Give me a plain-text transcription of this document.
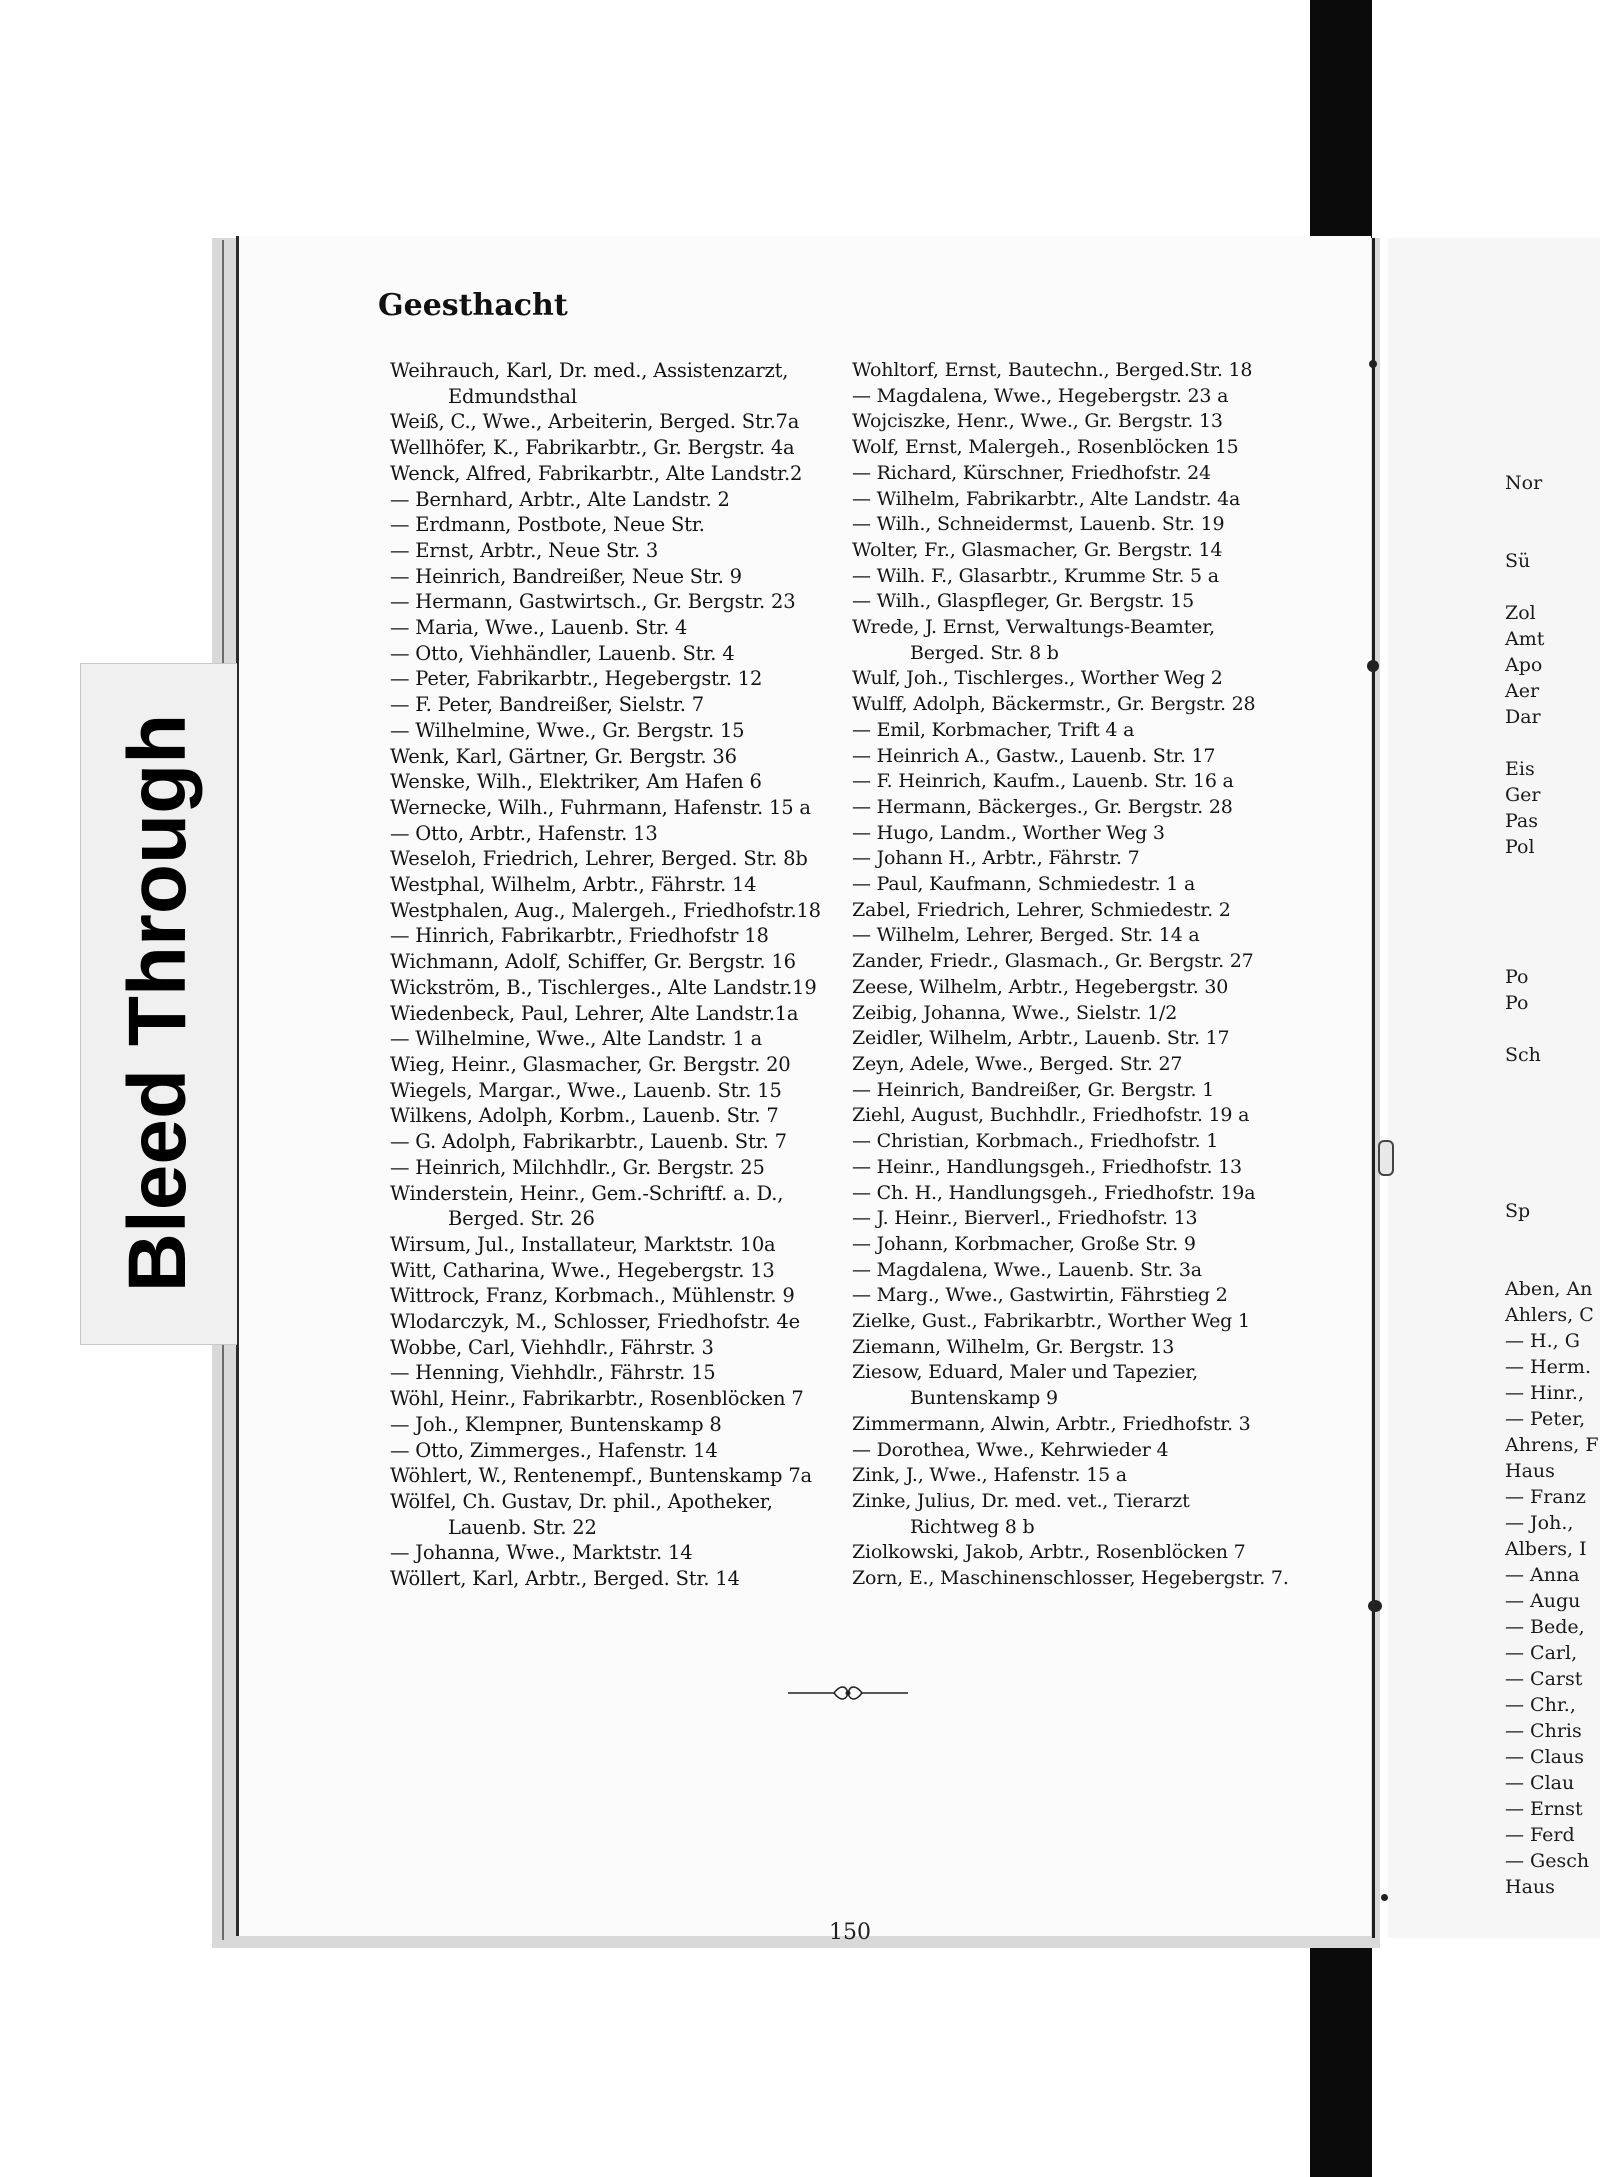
Bleed Through
Geesthacht
Weihrauch, Karl, Dr. med., Assistenzarzt,
Edmundsthal
Weiß, C., Wwe., Arbeiterin, Berged. Str.7a
Wellhöfer, K., Fabrikarbtr., Gr. Bergstr. 4a
Wenck, Alfred, Fabrikarbtr., Alte Landstr.2
— Bernhard, Arbtr., Alte Landstr. 2
— Erdmann, Postbote, Neue Str.
— Ernst, Arbtr., Neue Str. 3
— Heinrich, Bandreißer, Neue Str. 9
— Hermann, Gastwirtsch., Gr. Bergstr. 23
— Maria, Wwe., Lauenb. Str. 4
— Otto, Viehhändler, Lauenb. Str. 4
— Peter, Fabrikarbtr., Hegebergstr. 12
— F. Peter, Bandreißer, Sielstr. 7
— Wilhelmine, Wwe., Gr. Bergstr. 15
Wenk, Karl, Gärtner, Gr. Bergstr. 36
Wenske, Wilh., Elektriker, Am Hafen 6
Wernecke, Wilh., Fuhrmann, Hafenstr. 15 a
— Otto, Arbtr., Hafenstr. 13
Weseloh, Friedrich, Lehrer, Berged. Str. 8b
Westphal, Wilhelm, Arbtr., Fährstr. 14
Westphalen, Aug., Malergeh., Friedhofstr.18
— Hinrich, Fabrikarbtr., Friedhofstr 18
Wichmann, Adolf, Schiffer, Gr. Bergstr. 16
Wickström, B., Tischlerges., Alte Landstr.19
Wiedenbeck, Paul, Lehrer, Alte Landstr.1a
— Wilhelmine, Wwe., Alte Landstr. 1 a
Wieg, Heinr., Glasmacher, Gr. Bergstr. 20
Wiegels, Margar., Wwe., Lauenb. Str. 15
Wilkens, Adolph, Korbm., Lauenb. Str. 7
— G. Adolph, Fabrikarbtr., Lauenb. Str. 7
— Heinrich, Milchhdlr., Gr. Bergstr. 25
Winderstein, Heinr., Gem.-Schriftf. a. D.,
Berged. Str. 26
Wirsum, Jul., Installateur, Marktstr. 10a
Witt, Catharina, Wwe., Hegebergstr. 13
Wittrock, Franz, Korbmach., Mühlenstr. 9
Wlodarczyk, M., Schlosser, Friedhofstr. 4e
Wobbe, Carl, Viehhdlr., Fährstr. 3
— Henning, Viehhdlr., Fährstr. 15
Wöhl, Heinr., Fabrikarbtr., Rosenblöcken 7
— Joh., Klempner, Buntenskamp 8
— Otto, Zimmerges., Hafenstr. 14
Wöhlert, W., Rentenempf., Buntenskamp 7a
Wölfel, Ch. Gustav, Dr. phil., Apotheker,
Lauenb. Str. 22
— Johanna, Wwe., Marktstr. 14
Wöllert, Karl, Arbtr., Berged. Str. 14
Wohltorf, Ernst, Bautechn., Berged.Str. 18
— Magdalena, Wwe., Hegebergstr. 23 a
Wojciszke, Henr., Wwe., Gr. Bergstr. 13
Wolf, Ernst, Malergeh., Rosenblöcken 15
— Richard, Kürschner, Friedhofstr. 24
— Wilhelm, Fabrikarbtr., Alte Landstr. 4a
— Wilh., Schneidermst, Lauenb. Str. 19
Wolter, Fr., Glasmacher, Gr. Bergstr. 14
— Wilh. F., Glasarbtr., Krumme Str. 5 a
— Wilh., Glaspfleger, Gr. Bergstr. 15
Wrede, J. Ernst, Verwaltungs-Beamter,
Berged. Str. 8 b
Wulf, Joh., Tischlerges., Worther Weg 2
Wulff, Adolph, Bäckermstr., Gr. Bergstr. 28
— Emil, Korbmacher, Trift 4 a
— Heinrich A., Gastw., Lauenb. Str. 17
— F. Heinrich, Kaufm., Lauenb. Str. 16 a
— Hermann, Bäckerges., Gr. Bergstr. 28
— Hugo, Landm., Worther Weg 3
— Johann H., Arbtr., Fährstr. 7
— Paul, Kaufmann, Schmiedestr. 1 a
Zabel, Friedrich, Lehrer, Schmiedestr. 2
— Wilhelm, Lehrer, Berged. Str. 14 a
Zander, Friedr., Glasmach., Gr. Bergstr. 27
Zeese, Wilhelm, Arbtr., Hegebergstr. 30
Zeibig, Johanna, Wwe., Sielstr. 1/2
Zeidler, Wilhelm, Arbtr., Lauenb. Str. 17
Zeyn, Adele, Wwe., Berged. Str. 27
— Heinrich, Bandreißer, Gr. Bergstr. 1
Ziehl, August, Buchhdlr., Friedhofstr. 19 a
— Christian, Korbmach., Friedhofstr. 1
— Heinr., Handlungsgeh., Friedhofstr. 13
— Ch. H., Handlungsgeh., Friedhofstr. 19a
— J. Heinr., Bierverl., Friedhofstr. 13
— Johann, Korbmacher, Große Str. 9
— Magdalena, Wwe., Lauenb. Str. 3a
— Marg., Wwe., Gastwirtin, Fährstieg 2
Zielke, Gust., Fabrikarbtr., Worther Weg 1
Ziemann, Wilhelm, Gr. Bergstr. 13
Ziesow, Eduard, Maler und Tapezier,
Buntenskamp 9
Zimmermann, Alwin, Arbtr., Friedhofstr. 3
— Dorothea, Wwe., Kehrwieder 4
Zink, J., Wwe., Hafenstr. 15 a
Zinke, Julius, Dr. med. vet., Tierarzt
Richtweg 8 b
Ziolkowski, Jakob, Arbtr., Rosenblöcken 7
Zorn, E., Maschinenschlosser, Hegebergstr. 7.
150
Nor

Sü

Zol
Amt
Apo
Aer
Dar

Eis
Ger
Pas
Pol

Po
Po

Sch

Sp

Aben, An
Ahlers, C
— H., G
— Herm.
— Hinr.,
— Peter,
Ahrens, F
Haus
— Franz
— Joh.,
Albers, I
— Anna
— Augu
— Bede,
— Carl,
— Carst
— Chr.,
— Chris
— Claus
— Clau
— Ernst
— Ferd
— Gesch
Haus
